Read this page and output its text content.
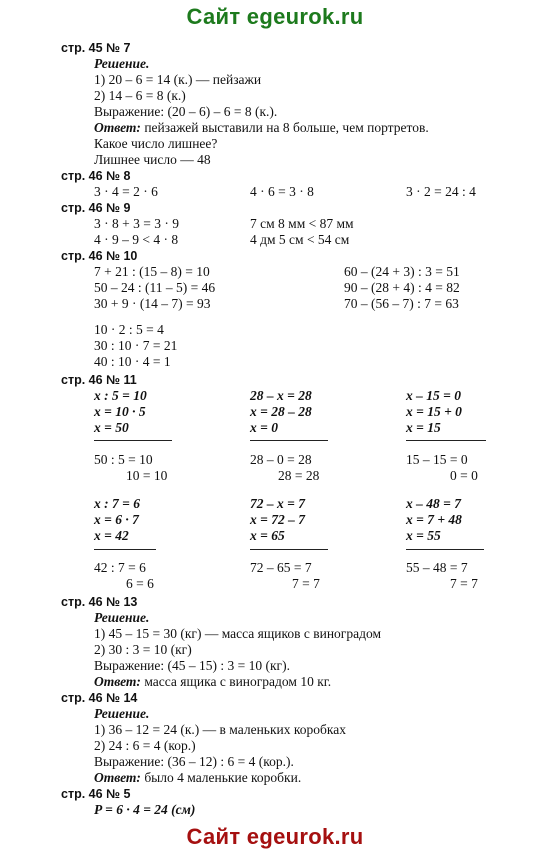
Сайт egeurok.ru
стр. 45 № 7
Решение.
1) 20 – 6 = 14 (к.) — пейзажи
2) 14 – 6 = 8 (к.)
Выражение: (20 – 6) – 6 = 8 (к.).
Ответ: пейзажей выставили на 8 больше, чем портретов.
Какое число лишнее?
Лишнее число — 48
стр. 46 № 8
3 · 4 = 2 · 6	4 · 6 = 3 · 8	3 · 2 = 24 : 4
стр. 46 № 9
3 · 8 + 3 = 3 · 9	7 см 8 мм < 87 мм
4 · 9 – 9 < 4 · 8	4 дм 5 см < 54 см
стр. 46 № 10
7 + 21 : (15 – 8) = 10	60 – (24 + 3) : 3 = 51
50 – 24 : (11 – 5) = 46	90 – (28 + 4) : 4 = 82
30 + 9 · (14 – 7) = 93	70 – (56 – 7) : 7 = 63
10 · 2 : 5 = 4
30 : 10 · 7 = 21
40 : 10 · 4 = 1
стр. 46 № 11
x : 5 = 10
x = 10 · 5
x = 50
28 – x = 28
x = 28 – 28
x = 0
x – 15 = 0
x = 15 + 0
x = 15
50 : 5 = 10
10 = 10
28 – 0 = 28
28 = 28
15 – 15 = 0
0 = 0
x : 7 = 6
x = 6 · 7
x = 42
72 – x = 7
x = 72 – 7
x = 65
x – 48 = 7
x = 7 + 48
x = 55
42 : 7 = 6
6 = 6
72 – 65 = 7
7 = 7
55 – 48 = 7
7 = 7
стр. 46 № 13
Решение.
1) 45 – 15 = 30 (кг) — масса ящиков с виноградом
2) 30 : 3 = 10 (кг)
Выражение: (45 – 15) : 3 = 10 (кг).
Ответ: масса ящика с виноградом 10 кг.
стр. 46 № 14
Решение.
1) 36 – 12 = 24 (к.) — в маленьких коробках
2) 24 : 6 = 4 (кор.)
Выражение: (36 – 12) : 6 = 4 (кор.).
Ответ: было 4 маленькие коробки.
стр. 46 № 5
P = 6 · 4 = 24 (см)
Сайт egeurok.ru
